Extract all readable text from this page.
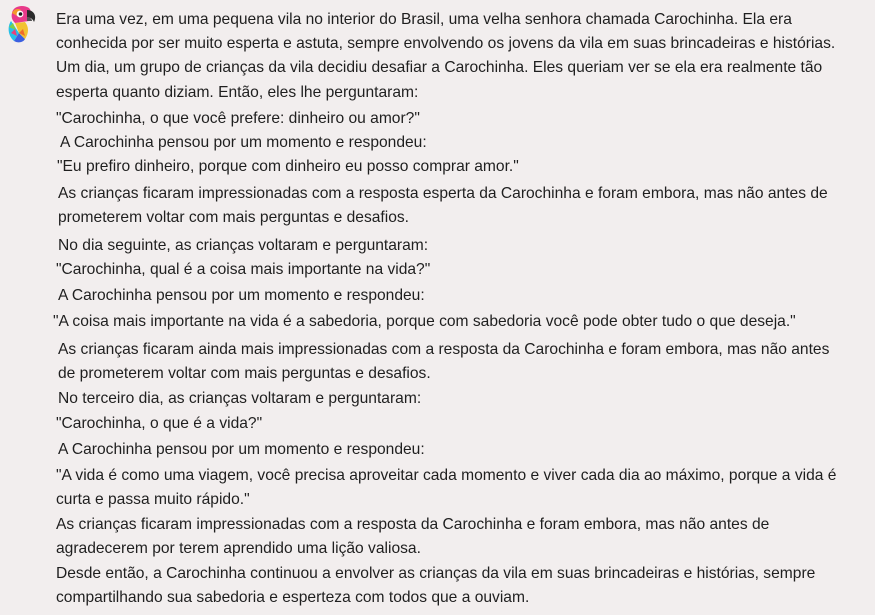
Era uma vez, em uma pequena vila no interior do Brasil, uma velha senhora chamada Carochinha. Ela era
conhecida por ser muito esperta e astuta, sempre envolvendo os jovens da vila em suas brincadeiras e histórias.
Um dia, um grupo de crianças da vila decidiu desafiar a Carochinha. Eles queriam ver se ela era realmente tão
esperta quanto diziam. Então, eles lhe perguntaram:
"Carochinha, o que você prefere: dinheiro ou amor?"
A Carochinha pensou por um momento e respondeu:
"Eu prefiro dinheiro, porque com dinheiro eu posso comprar amor."
As crianças ficaram impressionadas com a resposta esperta da Carochinha e foram embora, mas não antes de
prometerem voltar com mais perguntas e desafios.
No dia seguinte, as crianças voltaram e perguntaram:
"Carochinha, qual é a coisa mais importante na vida?"
A Carochinha pensou por um momento e respondeu:
"A coisa mais importante na vida é a sabedoria, porque com sabedoria você pode obter tudo o que deseja."
As crianças ficaram ainda mais impressionadas com a resposta da Carochinha e foram embora, mas não antes
de prometerem voltar com mais perguntas e desafios.
No terceiro dia, as crianças voltaram e perguntaram:
"Carochinha, o que é a vida?"
A Carochinha pensou por um momento e respondeu:
"A vida é como uma viagem, você precisa aproveitar cada momento e viver cada dia ao máximo, porque a vida é
curta e passa muito rápido."
As crianças ficaram impressionadas com a resposta da Carochinha e foram embora, mas não antes de
agradecerem por terem aprendido uma lição valiosa.
Desde então, a Carochinha continuou a envolver as crianças da vila em suas brincadeiras e histórias, sempre
compartilhando sua sabedoria e esperteza com todos que a ouviam.
